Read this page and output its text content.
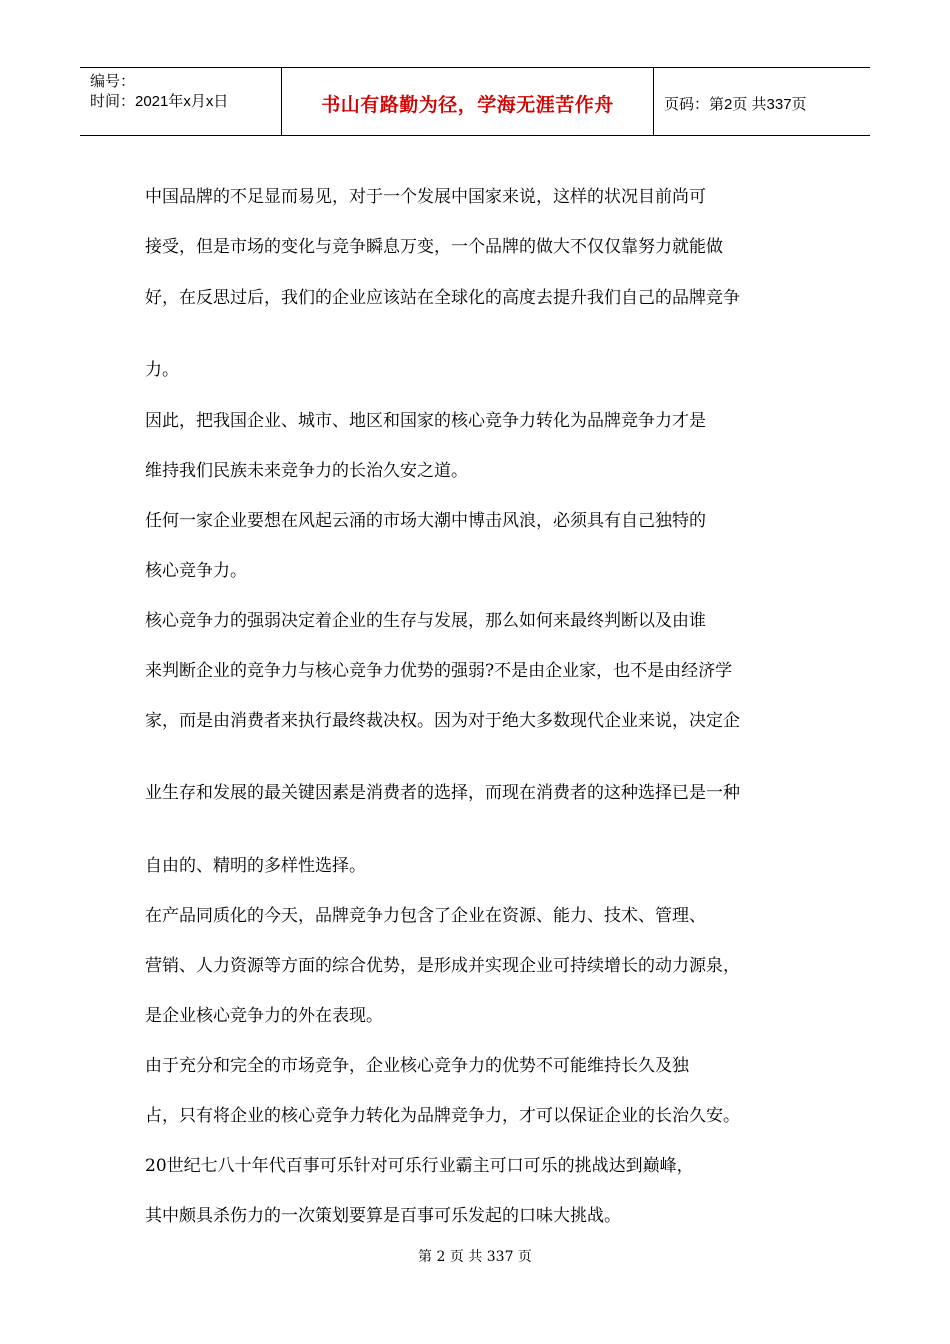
编号：
时间：2021年x月x日	书山有路勤为径，学海无涯苦作舟	页码：第2页 共337页
中国品牌的不足显而易见，对于一个发展中国家来说，这样的状况目前尚可
接受，但是市场的变化与竞争瞬息万变，一个品牌的做大不仅仅靠努力就能做
好，在反思过后，我们的企业应该站在全球化的高度去提升我们自己的品牌竞争
力。
因此，把我国企业、城市、地区和国家的核心竞争力转化为品牌竞争力才是
维持我们民族未来竞争力的长治久安之道。
任何一家企业要想在风起云涌的市场大潮中博击风浪，必须具有自己独特的
核心竞争力。
核心竞争力的强弱决定着企业的生存与发展，那么如何来最终判断以及由谁
来判断企业的竞争力与核心竞争力优势的强弱?不是由企业家，也不是由经济学
家，而是由消费者来执行最终裁决权。因为对于绝大多数现代企业来说，决定企
业生存和发展的最关键因素是消费者的选择，而现在消费者的这种选择已是一种
自由的、精明的多样性选择。
在产品同质化的今天，品牌竞争力包含了企业在资源、能力、技术、管理、
营销、人力资源等方面的综合优势，是形成并实现企业可持续增长的动力源泉，
是企业核心竞争力的外在表现。
由于充分和完全的市场竞争，企业核心竞争力的优势不可能维持长久及独
占，只有将企业的核心竞争力转化为品牌竞争力，才可以保证企业的长治久安。
20世纪七八十年代百事可乐针对可乐行业霸主可口可乐的挑战达到巅峰，
其中颇具杀伤力的一次策划要算是百事可乐发起的口味大挑战。
第 2 页 共 337 页
